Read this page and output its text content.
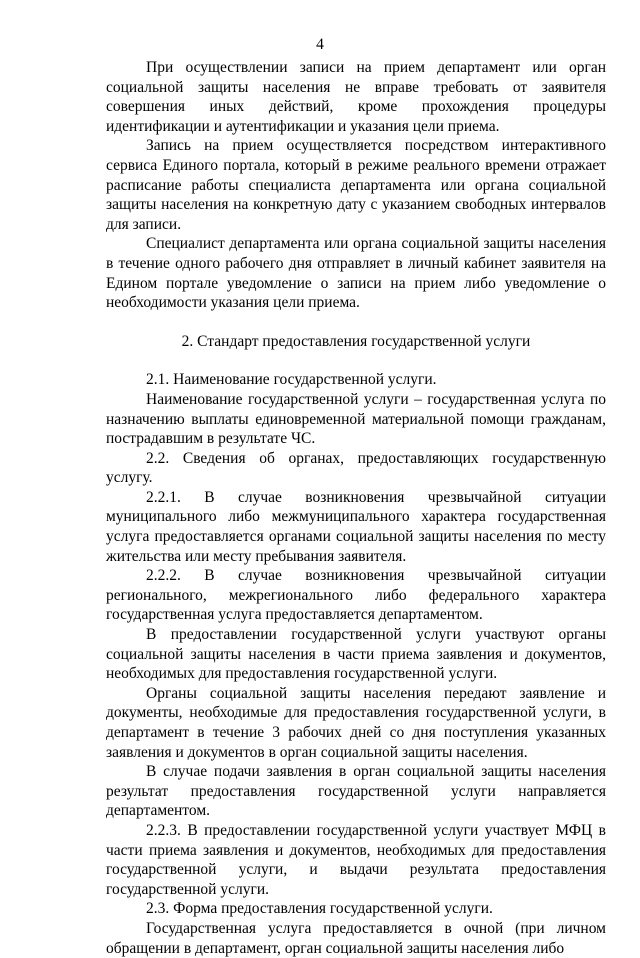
4

При осуществлении записи на прием департамент или орган социальной защиты населения не вправе требовать от заявителя совершения иных действий, кроме прохождения процедуры идентификации и аутентификации и указания цели приема.

Запись на прием осуществляется посредством интерактивного сервиса Единого портала, который в режиме реального времени отражает расписание работы специалиста департамента или органа социальной защиты населения на конкретную дату с указанием свободных интервалов для записи.

Специалист департамента или органа социальной защиты населения в течение одного рабочего дня отправляет в личный кабинет заявителя на Едином портале уведомление о записи на прием либо уведомление о необходимости указания цели приема.

2. Стандарт предоставления государственной услуги

2.1. Наименование государственной услуги.

Наименование государственной услуги – государственная услуга по назначению выплаты единовременной материальной помощи гражданам, пострадавшим в результате ЧС.

2.2. Сведения об органах, предоставляющих государственную услугу.

2.2.1. В случае возникновения чрезвычайной ситуации муниципального либо межмуниципального характера государственная услуга предоставляется органами социальной защиты населения по месту жительства или месту пребывания заявителя.

2.2.2. В случае возникновения чрезвычайной ситуации регионального, межрегионального либо федерального характера государственная услуга предоставляется департаментом.

В предоставлении государственной услуги участвуют органы социальной защиты населения в части приема заявления и документов, необходимых для предоставления государственной услуги.

Органы социальной защиты населения передают заявление и документы, необходимые для предоставления государственной услуги, в департамент в течение 3 рабочих дней со дня поступления указанных заявления и документов в орган социальной защиты населения.

В случае подачи заявления в орган социальной защиты населения результат предоставления государственной услуги направляется департаментом.

2.2.3. В предоставлении государственной услуги участвует МФЦ в части приема заявления и документов, необходимых для предоставления государственной услуги, и выдачи результата предоставления государственной услуги.

2.3. Форма предоставления государственной услуги.

Государственная услуга предоставляется в очной (при личном обращении в департамент, орган социальной защиты населения либо
